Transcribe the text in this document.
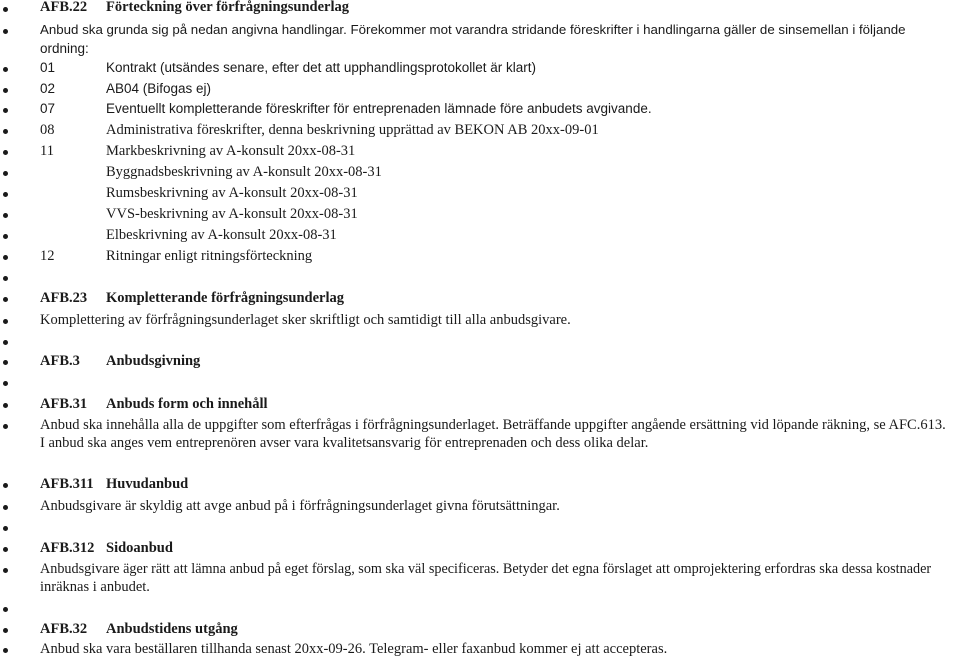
AFB.22 Förteckning över förfrågningsunderlag
Anbud ska grunda sig på nedan angivna handlingar. Förekommer mot varandra stridande föreskrifter i handlingarna gäller de sinsemellan i följande
ordning:
01	Kontrakt (utsändes senare, efter det att upphandlingsprotokollet är klart)
02	AB04 (Bifogas ej)
07	Eventuellt kompletterande föreskrifter för entreprenaden lämnade före anbudets avgivande.
08	Administrativa föreskrifter, denna beskrivning upprättad av BEKON AB 20xx-09-01
11	Markbeskrivning av A-konsult 20xx-08-31
Byggnadsbeskrivning av A-konsult 20xx-08-31
Rumsbeskrivning av A-konsult 20xx-08-31
VVS-beskrivning av A-konsult 20xx-08-31
Elbeskrivning av A-konsult 20xx-08-31
12	Ritningar enligt ritningsförteckning
AFB.23 Kompletterande förfrågningsunderlag
Komplettering av förfrågningsunderlaget sker skriftligt och samtidigt till alla anbudsgivare.
AFB.3 Anbudsgivning
AFB.31 Anbuds form och innehåll
Anbud ska innehålla alla de uppgifter som efterfrågas i förfrågningsunderlaget. Beträffande uppgifter angående ersättning vid löpande räkning, se AFC.613.
I anbud ska anges vem entreprenören avser vara kvalitetsansvarig för entreprenaden och dess olika delar.
AFB.311 Huvudanbud
Anbudsgivare är skyldig att avge anbud på i förfrågningsunderlaget givna förutsättningar.
AFB.312 Sidoanbud
Anbudsgivare äger rätt att lämna anbud på eget förslag, som ska väl specificeras. Betyder det egna förslaget att omprojektering erfordras ska dessa kostnader
inräknas i anbudet.
AFB.32 Anbudstidens utgång
Anbud ska vara beställaren tillhanda senast 20xx-09-26. Telegram- eller faxanbud kommer ej att accepteras.
